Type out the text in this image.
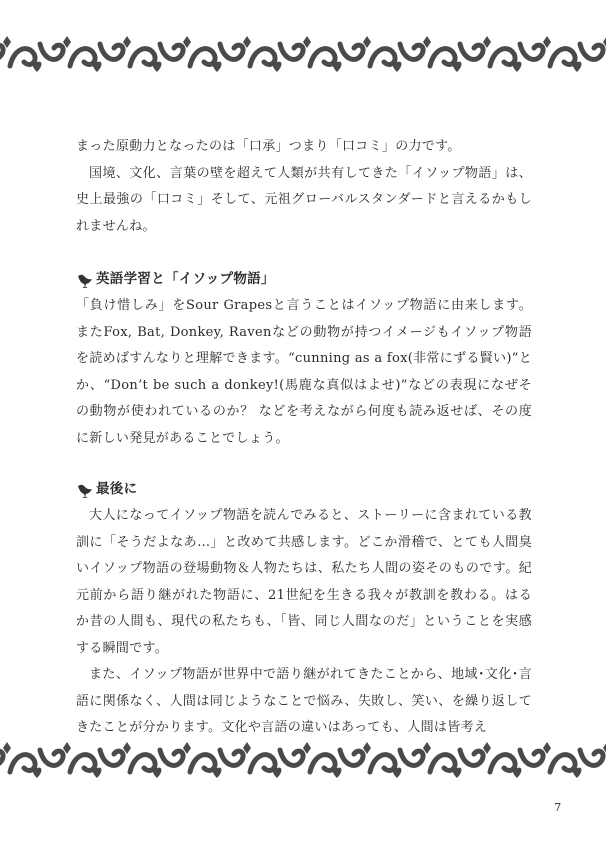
まった原動力となったのは「口承」つまり「口コミ」の力です。

国境、文化、言葉の壁を超えて人類が共有してきた「イソップ物語」は、史上最強の「口コミ」そして、元祖グローバルスタンダードと言えるかもしれませんね。

英語学習と「イソップ物語」

「負け惜しみ」をSour Grapesと言うことはイソップ物語に由来します。またFox, Bat, Donkey, Ravenなどの動物が持つイメージもイソップ物語を読めばすんなりと理解できます。“cunning as a fox(非常にずる賢い)”とか、“Don’t be such a donkey!(馬鹿な真似はよせ)”などの表現になぜその動物が使われているのか？ などを考えながら何度も読み返せば、その度に新しい発見があることでしょう。

最後に

大人になってイソップ物語を読んでみると、ストーリーに含まれている教訓に「そうだよなあ…」と改めて共感します。どこか滑稽で、とても人間臭いイソップ物語の登場動物＆人物たちは、私たち人間の姿そのものです。紀元前から語り継がれた物語に、21世紀を生きる我々が教訓を教わる。はるか昔の人間も、現代の私たちも、「皆、同じ人間なのだ」ということを実感する瞬間です。

また、イソップ物語が世界中で語り継がれてきたことから、地域･文化･言語に関係なく、人間は同じようなことで悩み、失敗し、笑い、を繰り返してきたことが分かります。文化や言語の違いはあっても、人間は皆考え

7
